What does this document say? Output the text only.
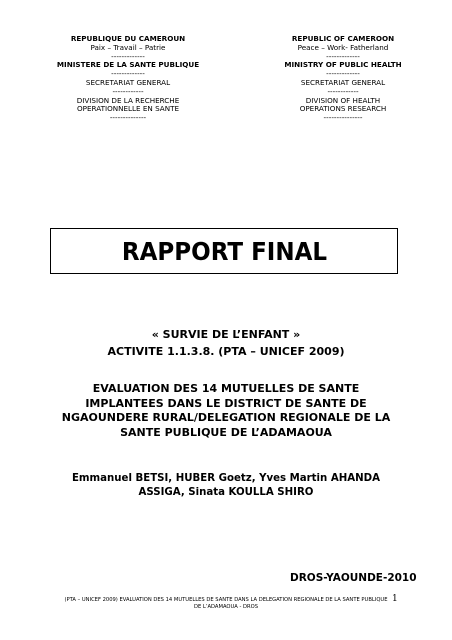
REPUBLIQUE DU CAMEROUN
Paix – Travail – Patrie
-------------
MINISTERE DE LA SANTE PUBLIQUE
-------------
SECRETARIAT GENERAL
------------
DIVISION DE LA RECHERCHE
OPERATIONNELLE EN SANTE
--------------
REPUBLIC OF CAMEROON
Peace – Work- Fatherland
-------------
MINISTRY OF PUBLIC HEALTH
-------------
SECRETARIAT GENERAL
------------
DIVISION OF HEALTH
OPERATIONS RESEARCH
---------------
RAPPORT FINAL
« SURVIE DE L’ENFANT »
ACTIVITE 1.1.3.8. (PTA – UNICEF 2009)
EVALUATION DES 14 MUTUELLES DE SANTE
IMPLANTEES DANS LE DISTRICT DE SANTE DE
NGAOUNDERE RURAL/DELEGATION REGIONALE DE LA
SANTE PUBLIQUE DE L’ADAMAOUA
Emmanuel BETSI, HUBER Goetz, Yves Martin AHANDA
ASSIGA, Sinata KOULLA SHIRO
DROS-YAOUNDE-2010
1
(PTA – UNICEF 2009) EVALUATION DES 14 MUTUELLES DE SANTE DANS LA DELEGATION REGIONALE DE LA SANTE PUBLIQUE
DE L’ADAMAOUA - DROS
